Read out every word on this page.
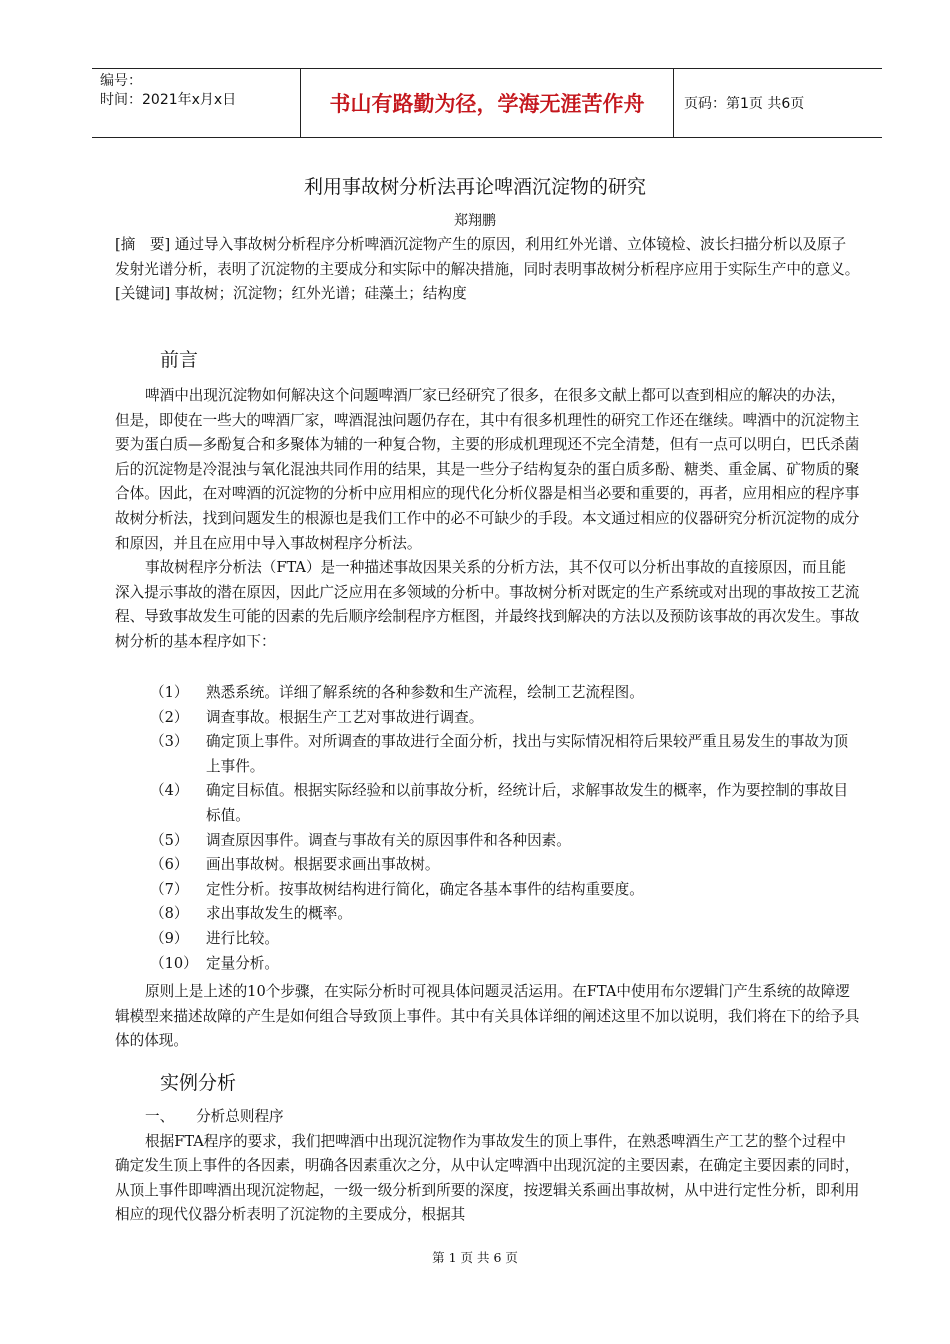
编号：
时间：2021年x月x日	书山有路勤为径，学海无涯苦作舟	页码：第1页 共6页
利用事故树分析法再论啤酒沉淀物的研究
郑翔鹏

[摘　要] 通过导入事故树分析程序分析啤酒沉淀物产生的原因，利用红外光谱、立体镜检、波长扫描分析以及原子发射光谱分析，表明了沉淀物的主要成分和实际中的解决措施，同时表明事故树分析程序应用于实际生产中的意义。

[关键词] 事故树；沉淀物；红外光谱；硅藻土；结构度

前言

啤酒中出现沉淀物如何解决这个问题啤酒厂家已经研究了很多，在很多文献上都可以查到相应的解决的办法，但是，即使在一些大的啤酒厂家，啤酒混浊问题仍存在，其中有很多机理性的研究工作还在继续。啤酒中的沉淀物主要为蛋白质—多酚复合和多聚体为辅的一种复合物，主要的形成机理现还不完全清楚，但有一点可以明白，巴氏杀菌后的沉淀物是冷混浊与氧化混浊共同作用的结果，其是一些分子结构复杂的蛋白质多酚、糖类、重金属、矿物质的聚合体。因此，在对啤酒的沉淀物的分析中应用相应的现代化分析仪器是相当必要和重要的，再者，应用相应的程序事故树分析法，找到问题发生的根源也是我们工作中的必不可缺少的手段。本文通过相应的仪器研究分析沉淀物的成分和原因，并且在应用中导入事故树程序分析法。

事故树程序分析法（FTA）是一种描述事故因果关系的分析方法，其不仅可以分析出事故的直接原因，而且能深入提示事故的潜在原因，因此广泛应用在多领域的分析中。事故树分析对既定的生产系统或对出现的事故按工艺流程、导致事故发生可能的因素的先后顺序绘制程序方框图，并最终找到解决的方法以及预防该事故的再次发生。事故树分析的基本程序如下：

（1）	熟悉系统。详细了解系统的各种参数和生产流程，绘制工艺流程图。
（2）	调查事故。根据生产工艺对事故进行调查。
（3）	确定顶上事件。对所调查的事故进行全面分析，找出与实际情况相符后果较严重且易发生的事故为顶上事件。
（4）	确定目标值。根据实际经验和以前事故分析，经统计后，求解事故发生的概率，作为要控制的事故目标值。
（5）	调查原因事件。调查与事故有关的原因事件和各种因素。
（6）	画出事故树。根据要求画出事故树。
（7）	定性分析。按事故树结构进行简化，确定各基本事件的结构重要度。
（8）	求出事故发生的概率。
（9）	进行比较。
（10） 定量分析。

原则上是上述的10个步骤，在实际分析时可视具体问题灵活运用。在FTA中使用布尔逻辑门产生系统的故障逻辑模型来描述故障的产生是如何组合导致顶上事件。其中有关具体详细的阐述这里不加以说明，我们将在下的给予具体的体现。

实例分析

一、　　分析总则程序

根据FTA程序的要求，我们把啤酒中出现沉淀物作为事故发生的顶上事件，在熟悉啤酒生产工艺的整个过程中确定发生顶上事件的各因素，明确各因素重次之分，从中认定啤酒中出现沉淀的主要因素，在确定主要因素的同时，从顶上事件即啤酒出现沉淀物起，一级一级分析到所要的深度，按逻辑关系画出事故树，从中进行定性分析，即利用相应的现代仪器分析表明了沉淀物的主要成分，根据其

第 1 页 共 6 页
